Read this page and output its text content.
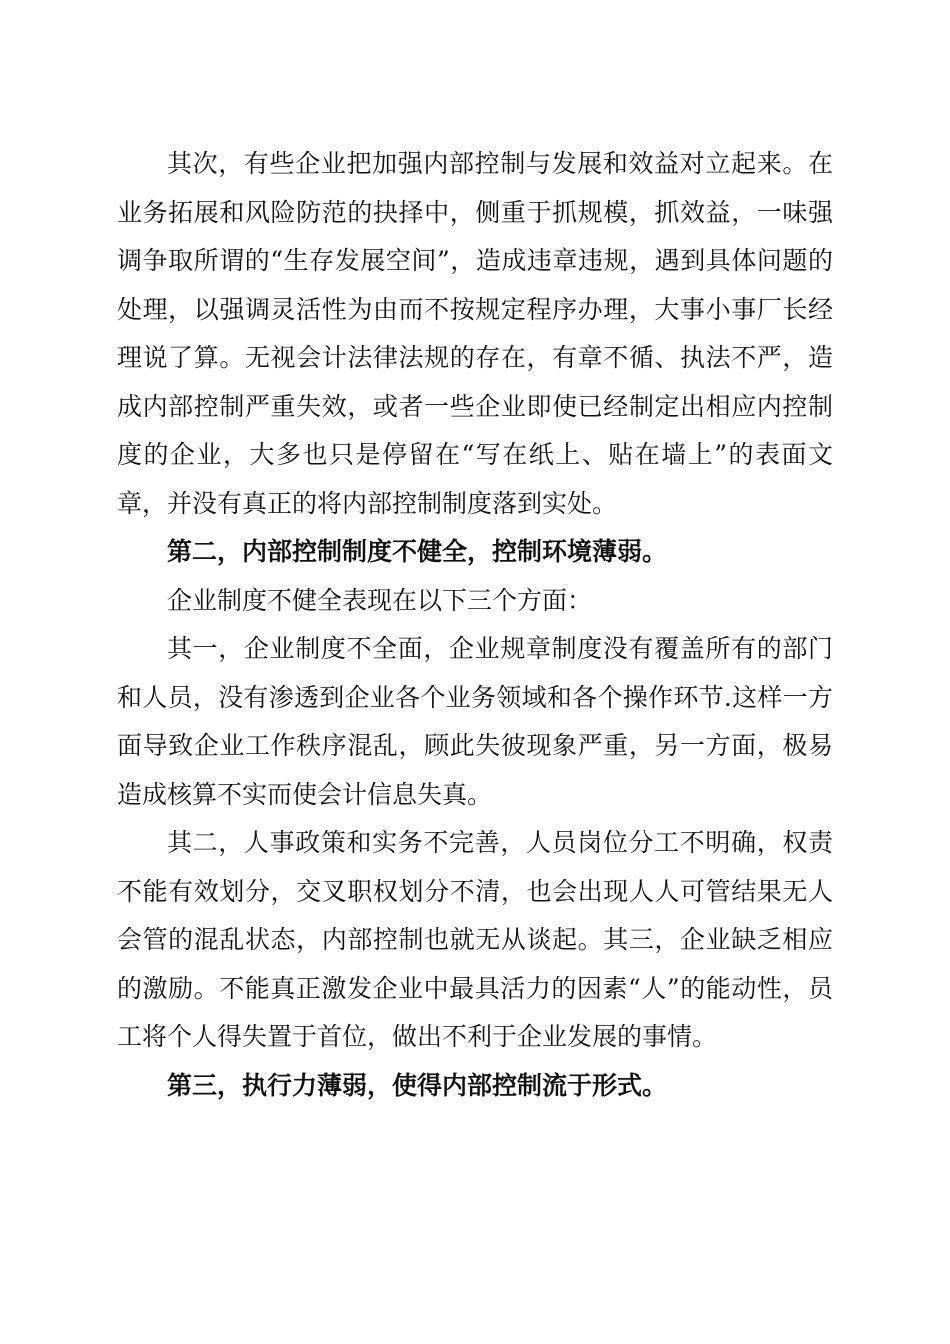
其次，有些企业把加强内部控制与发展和效益对立起来。在业务拓展和风险防范的抉择中，侧重于抓规模，抓效益，一味强调争取所谓的“生存发展空间”，造成违章违规，遇到具体问题的处理，以强调灵活性为由而不按规定程序办理，大事小事厂长经理说了算。无视会计法律法规的存在，有章不循、执法不严，造成内部控制严重失效，或者一些企业即使已经制定出相应内控制度的企业，大多也只是停留在“写在纸上、贴在墙上”的表面文章，并没有真正的将内部控制制度落到实处。

第二，内部控制制度不健全，控制环境薄弱。

企业制度不健全表现在以下三个方面：

其一，企业制度不全面，企业规章制度没有覆盖所有的部门和人员，没有渗透到企业各个业务领域和各个操作环节.这样一方面导致企业工作秩序混乱，顾此失彼现象严重，另一方面，极易造成核算不实而使会计信息失真。

其二，人事政策和实务不完善，人员岗位分工不明确，权责不能有效划分，交叉职权划分不清，也会出现人人可管结果无人会管的混乱状态，内部控制也就无从谈起。其三，企业缺乏相应的激励。不能真正激发企业中最具活力的因素“人”的能动性，员工将个人得失置于首位，做出不利于企业发展的事情。

第三，执行力薄弱，使得内部控制流于形式。
